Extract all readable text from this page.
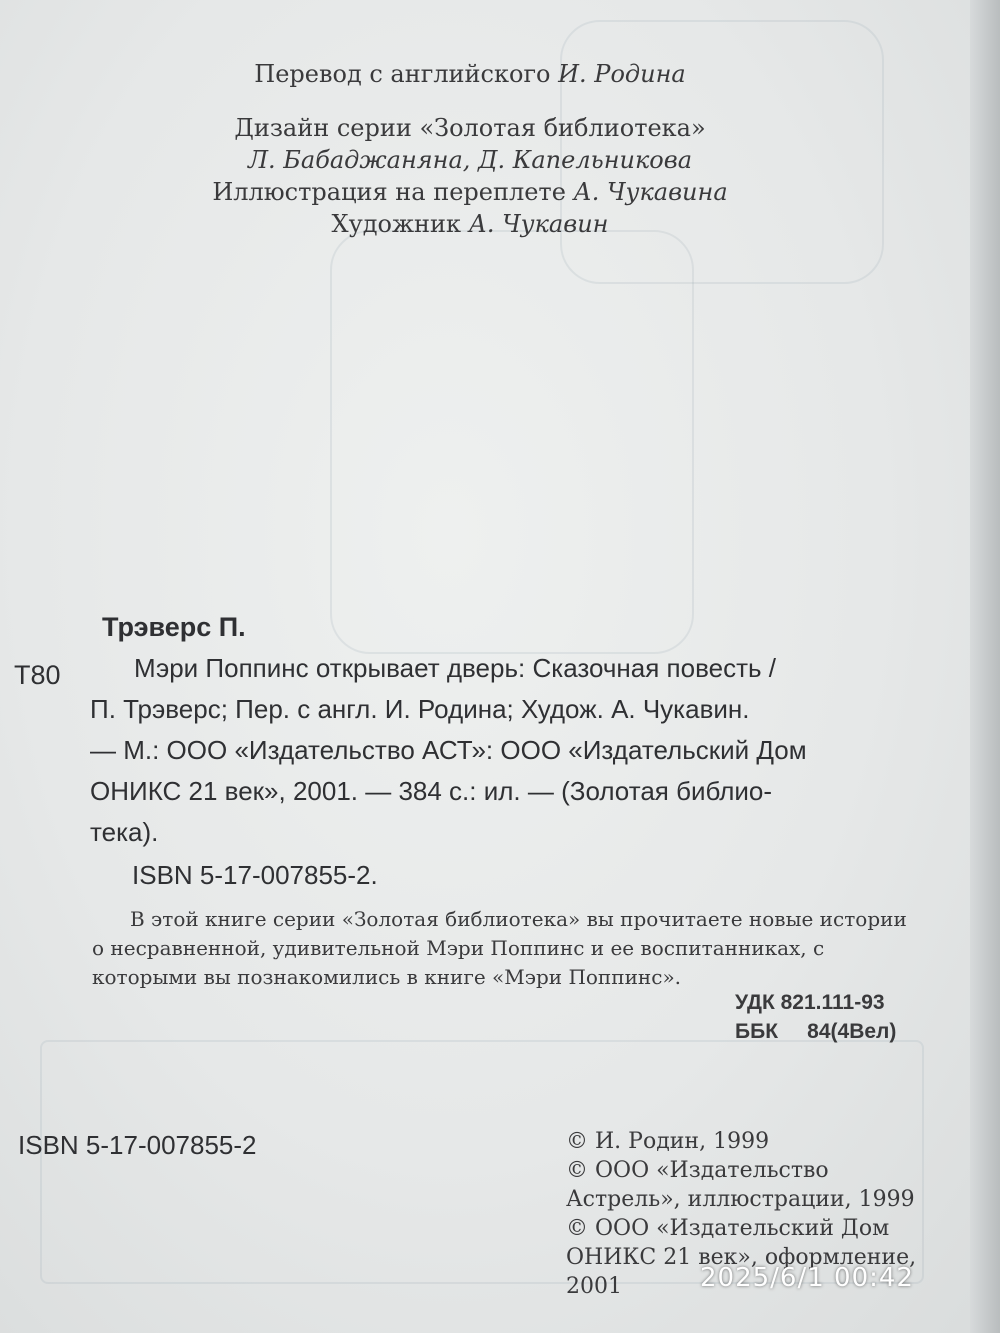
Перевод с английского И. Родина
Дизайн серии «Золотая библиотека»
Л. Бабаджаняна, Д. Капельникова
Иллюстрация на переплете А. Чукавина
Художник А. Чукавин
Трэверс П.
Т80	Мэри Поппинс открывает дверь: Сказочная повесть /
П. Трэверс; Пер. с англ. И. Родина; Худож. А. Чукавин.
— М.: ООО «Издательство АСТ»: ООО «Издательский Дом
ОНИКС 21 век», 2001. — 384 с.: ил. — (Золотая библио-
тека).
ISBN 5-17-007855-2.
В этой книге серии «Золотая библиотека» вы прочитаете новые истории
о несравненной, удивительной Мэри Поппинс и ее воспитанниках, с
которыми вы познакомились в книге «Мэри Поппинс».
УДК 821.111-93
ББК     84(4Вел)
ISBN 5-17-007855-2	© И. Родин, 1999
© ООО «Издательство
Астрель», иллюстрации, 1999
© ООО «Издательский Дом
ОНИКС 21 век», оформление,
2001	2025/6/1 00:42
